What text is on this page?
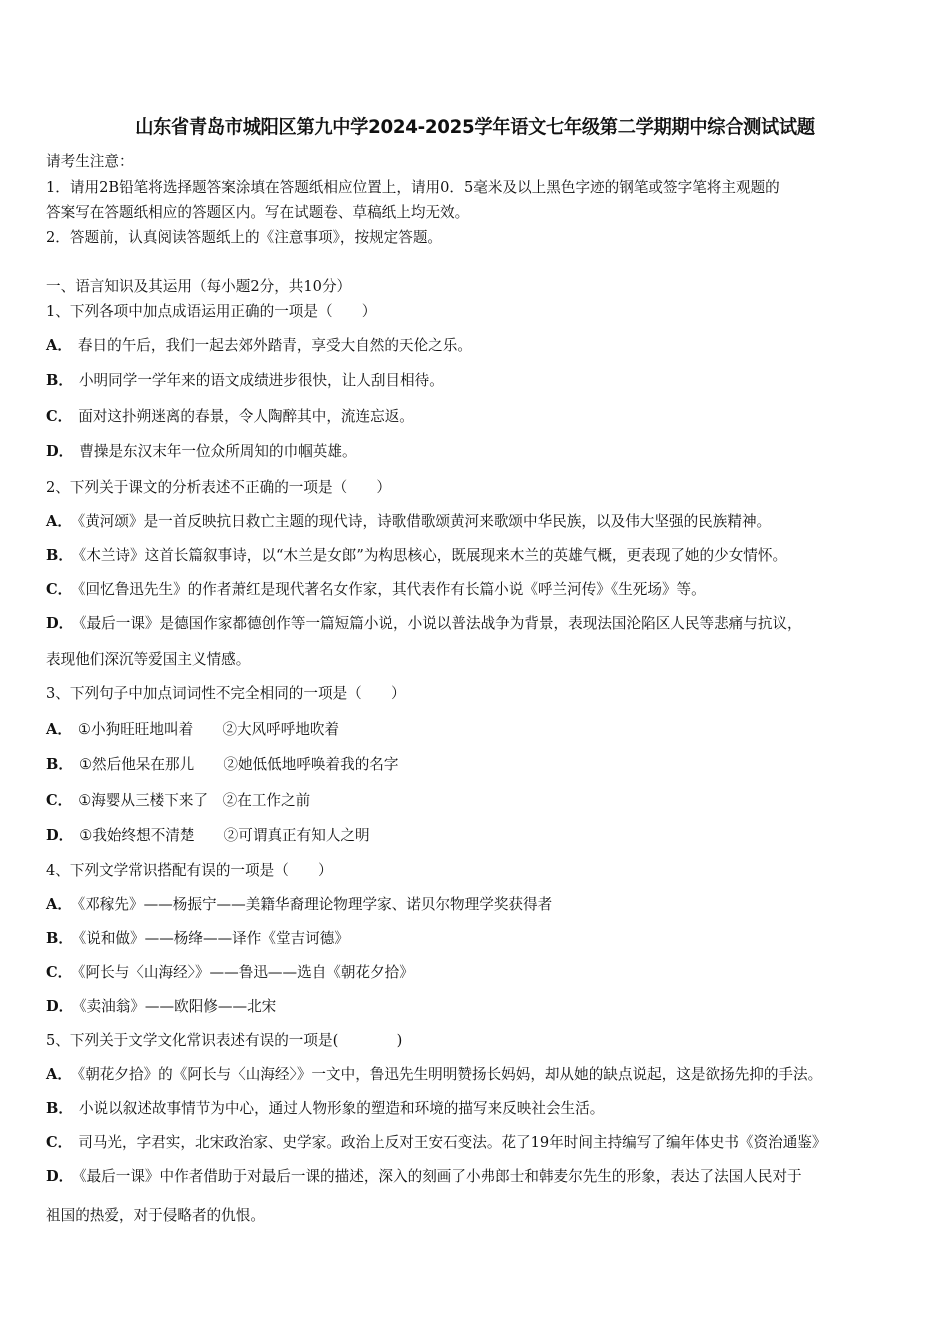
山东省青岛市城阳区第九中学2024-2025学年语文七年级第二学期期中综合测试试题
请考生注意：
1．请用2B铅笔将选择题答案涂填在答题纸相应位置上，请用0．5毫米及以上黑色字迹的钢笔或签字笔将主观题的
答案写在答题纸相应的答题区内。写在试题卷、草稿纸上均无效。
2．答题前，认真阅读答题纸上的《注意事项》，按规定答题。
一、语言知识及其运用（每小题2分，共10分）
1、下列各项中加点成语运用正确的一项是（　　）
A． 春日的午后，我们一起去郊外踏青，享受大自然的天伦之乐。
B． 小明同学一学年来的语文成绩进步很快，让人刮目相待。
C． 面对这扑朔迷离的春景，令人陶醉其中，流连忘返。
D． 曹操是东汉末年一位众所周知的巾帼英雄。
2、下列关于课文的分析表述不正确的一项是（　　）
A． 《黄河颂》是一首反映抗日救亡主题的现代诗，诗歌借歌颂黄河来歌颂中华民族，以及伟大坚强的民族精神。
B． 《木兰诗》这首长篇叙事诗，以“木兰是女郎”为构思核心，既展现来木兰的英雄气概，更表现了她的少女情怀。
C． 《回忆鲁迅先生》的作者萧红是现代著名女作家，其代表作有长篇小说《呼兰河传》《生死场》等。
D． 《最后一课》是德国作家都德创作等一篇短篇小说，小说以普法战争为背景，表现法国沦陷区人民等悲痛与抗议，
表现他们深沉等爱国主义情感。
3、下列句子中加点词词性不完全相同的一项是（　　）
A． ①小狗旺旺地叫着　　②大风呼呼地吹着
B． ①然后他呆在那儿　　②她低低地呼唤着我的名字
C． ①海婴从三楼下来了　②在工作之前
D． ①我始终想不清楚　　②可谓真正有知人之明
4、下列文学常识搭配有误的一项是（　　）
A． 《邓稼先》——杨振宁——美籍华裔理论物理学家、诺贝尔物理学奖获得者
B． 《说和做》——杨绛——译作《堂吉诃德》
C． 《阿长与〈山海经〉》——鲁迅——选自《朝花夕拾》
D． 《卖油翁》——欧阳修——北宋
5、下列关于文学文化常识表述有误的一项是(　　　　)
A． 《朝花夕拾》的《阿长与〈山海经〉》一文中，鲁迅先生明明赞扬长妈妈，却从她的缺点说起，这是欲扬先抑的手法。
B． 小说以叙述故事情节为中心，通过人物形象的塑造和环境的描写来反映社会生活。
C． 司马光，字君实，北宋政治家、史学家。政治上反对王安石变法。花了19年时间主持编写了编年体史书《资治通鉴》
D． 《最后一课》中作者借助于对最后一课的描述，深入的刻画了小弗郎士和韩麦尔先生的形象，表达了法国人民对于
祖国的热爱，对于侵略者的仇恨。
